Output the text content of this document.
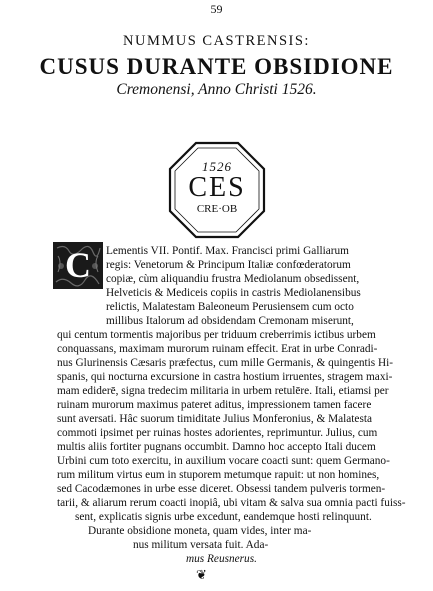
59
NUMMUS CASTRENSIS:
CUSUS DURANTE OBSIDIONE
Cremonensi, Anno Christi 1526.
1526
CES
CRE·OB
C	Lementis VII. Pontif. Max. Francisci primi Galliarum
regis: Venetorum & Principum Italiæ confœderatorum
copiæ, cùm aliquandiu frustra Mediolanum obsedissent,
Helveticis & Mediceis copiis in castris Mediolanensibus
relictis, Malatestam Baleoneum Perusiensem cum octo
millibus Italorum ad obsidendam Cremonam miserunt,
qui centum tormentis majoribus per triduum creberrimis ictibus urbem
conquassans, maximam murorum ruinam effecit. Erat in urbe Conradi-
nus Glurinensis Cæsaris præfectus, cum mille Germanis, & quingentis Hi-
spanis, qui nocturna excursione in castra hostium irruentes, stragem maxi-
mam ediderē, signa tredecim militaria in urbem retulēre. Itali, etiamsi per
ruinam murorum maximus pateret aditus, impressionem tamen facere
sunt aversati. Hâc suorum timiditate Julius Monferonius, & Malatesta
commoti ipsimet per ruinas hostes adorientes, reprimuntur. Julius, cum
multis aliis fortiter pugnans occumbit. Damno hoc accepto Itali ducem
Urbini cum toto exercitu, in auxilium vocare coacti sunt: quem Germano-
rum militum virtus eum in stuporem metumque rapuit: ut non homines,
sed Cacodæmones in urbe esse diceret. Obsessi tandem pulveris tormen-
tarii, & aliarum rerum coacti inopiâ, ubi vitam & salva sua omnia pacti fuiss-
sent, explicatis signis urbe excedunt, eandemque hosti relinquunt.
Durante obsidione moneta, quam vides, inter ma-
nus militum versata fuit. Ada-
mus Reusnerus.
❦
